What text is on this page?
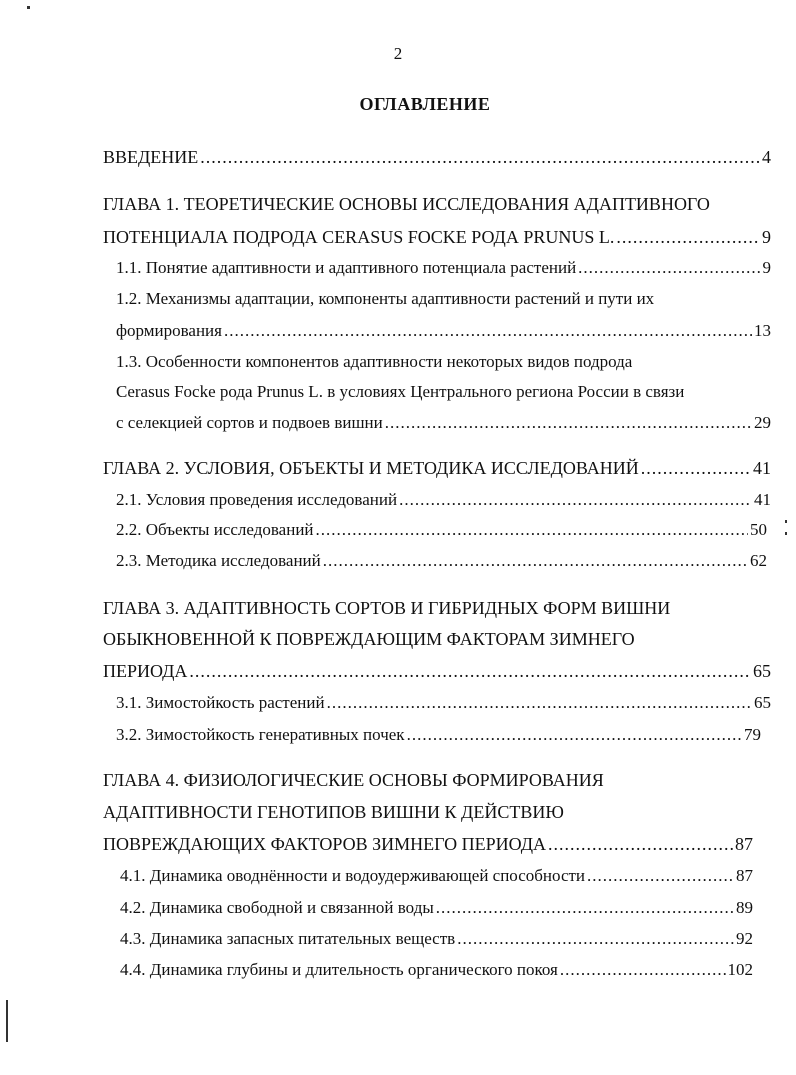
2
ОГЛАВЛЕНИЕ
ВВЕДЕНИЕ .....	4
ГЛАВА 1. ТЕОРЕТИЧЕСКИЕ ОСНОВЫ ИССЛЕДОВАНИЯ АДАПТИВНОГО
ПОТЕНЦИАЛА ПОДРОДА CERASUS FOCKE РОДА PRUNUS L. .....	9
1.1. Понятие адаптивности и адаптивного потенциала растений .....	9
1.2. Механизмы адаптации, компоненты адаптивности растений и пути их
формирования .....	13
1.3. Особенности компонентов адаптивности некоторых видов подрода
Cerasus Focke рода Prunus L. в условиях Центрального региона России в связи
с селекцией сортов и подвоев вишни .....	29
ГЛАВА 2. УСЛОВИЯ, ОБЪЕКТЫ И МЕТОДИКА ИССЛЕДОВАНИЙ .....	41
2.1. Условия проведения исследований .....	41
2.2. Объекты исследований .....	50
2.3. Методика исследований .....	62
ГЛАВА 3. АДАПТИВНОСТЬ СОРТОВ И ГИБРИДНЫХ ФОРМ ВИШНИ
ОБЫКНОВЕННОЙ К ПОВРЕЖДАЮЩИМ ФАКТОРАМ ЗИМНЕГО
ПЕРИОДА .....	65
3.1. Зимостойкость растений .....	65
3.2. Зимостойкость генеративных почек .....	79
ГЛАВА 4. ФИЗИОЛОГИЧЕСКИЕ ОСНОВЫ ФОРМИРОВАНИЯ
АДАПТИВНОСТИ ГЕНОТИПОВ ВИШНИ К ДЕЙСТВИЮ
ПОВРЕЖДАЮЩИХ ФАКТОРОВ ЗИМНЕГО ПЕРИОДА .....	87
4.1. Динамика оводнённости и водоудерживающей способности .....	87
4.2. Динамика свободной и связанной воды .....	89
4.3. Динамика запасных питательных веществ .....	92
4.4. Динамика глубины и длительность органического покоя .....	102
